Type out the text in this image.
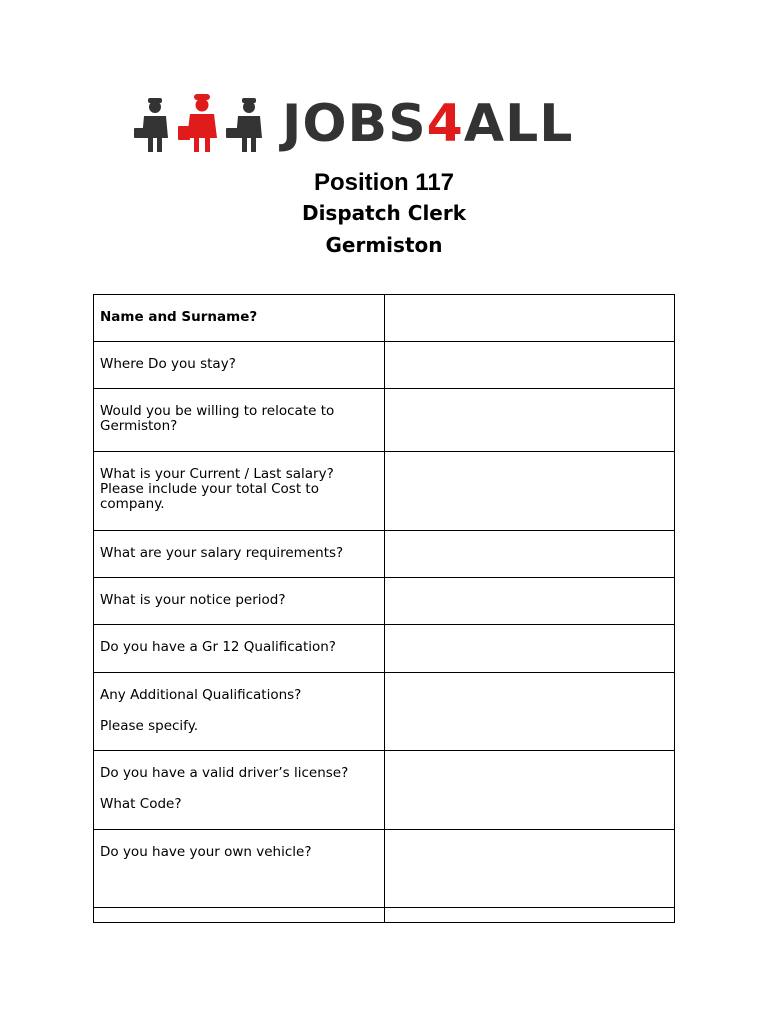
JOBS4ALL
Position 117
Dispatch Clerk
Germiston
Name and Surname?	

Where Do you stay?	

Would you be willing to relocate to Germiston?	

What is your Current / Last salary? Please include your total Cost to company.	

What are your salary requirements?	

What is your notice period?	

Do you have a Gr 12 Qualification?	

Any Additional Qualifications?
Please specify.	

Do you have a valid driver’s license?
What Code?	

Do you have your own vehicle?	
